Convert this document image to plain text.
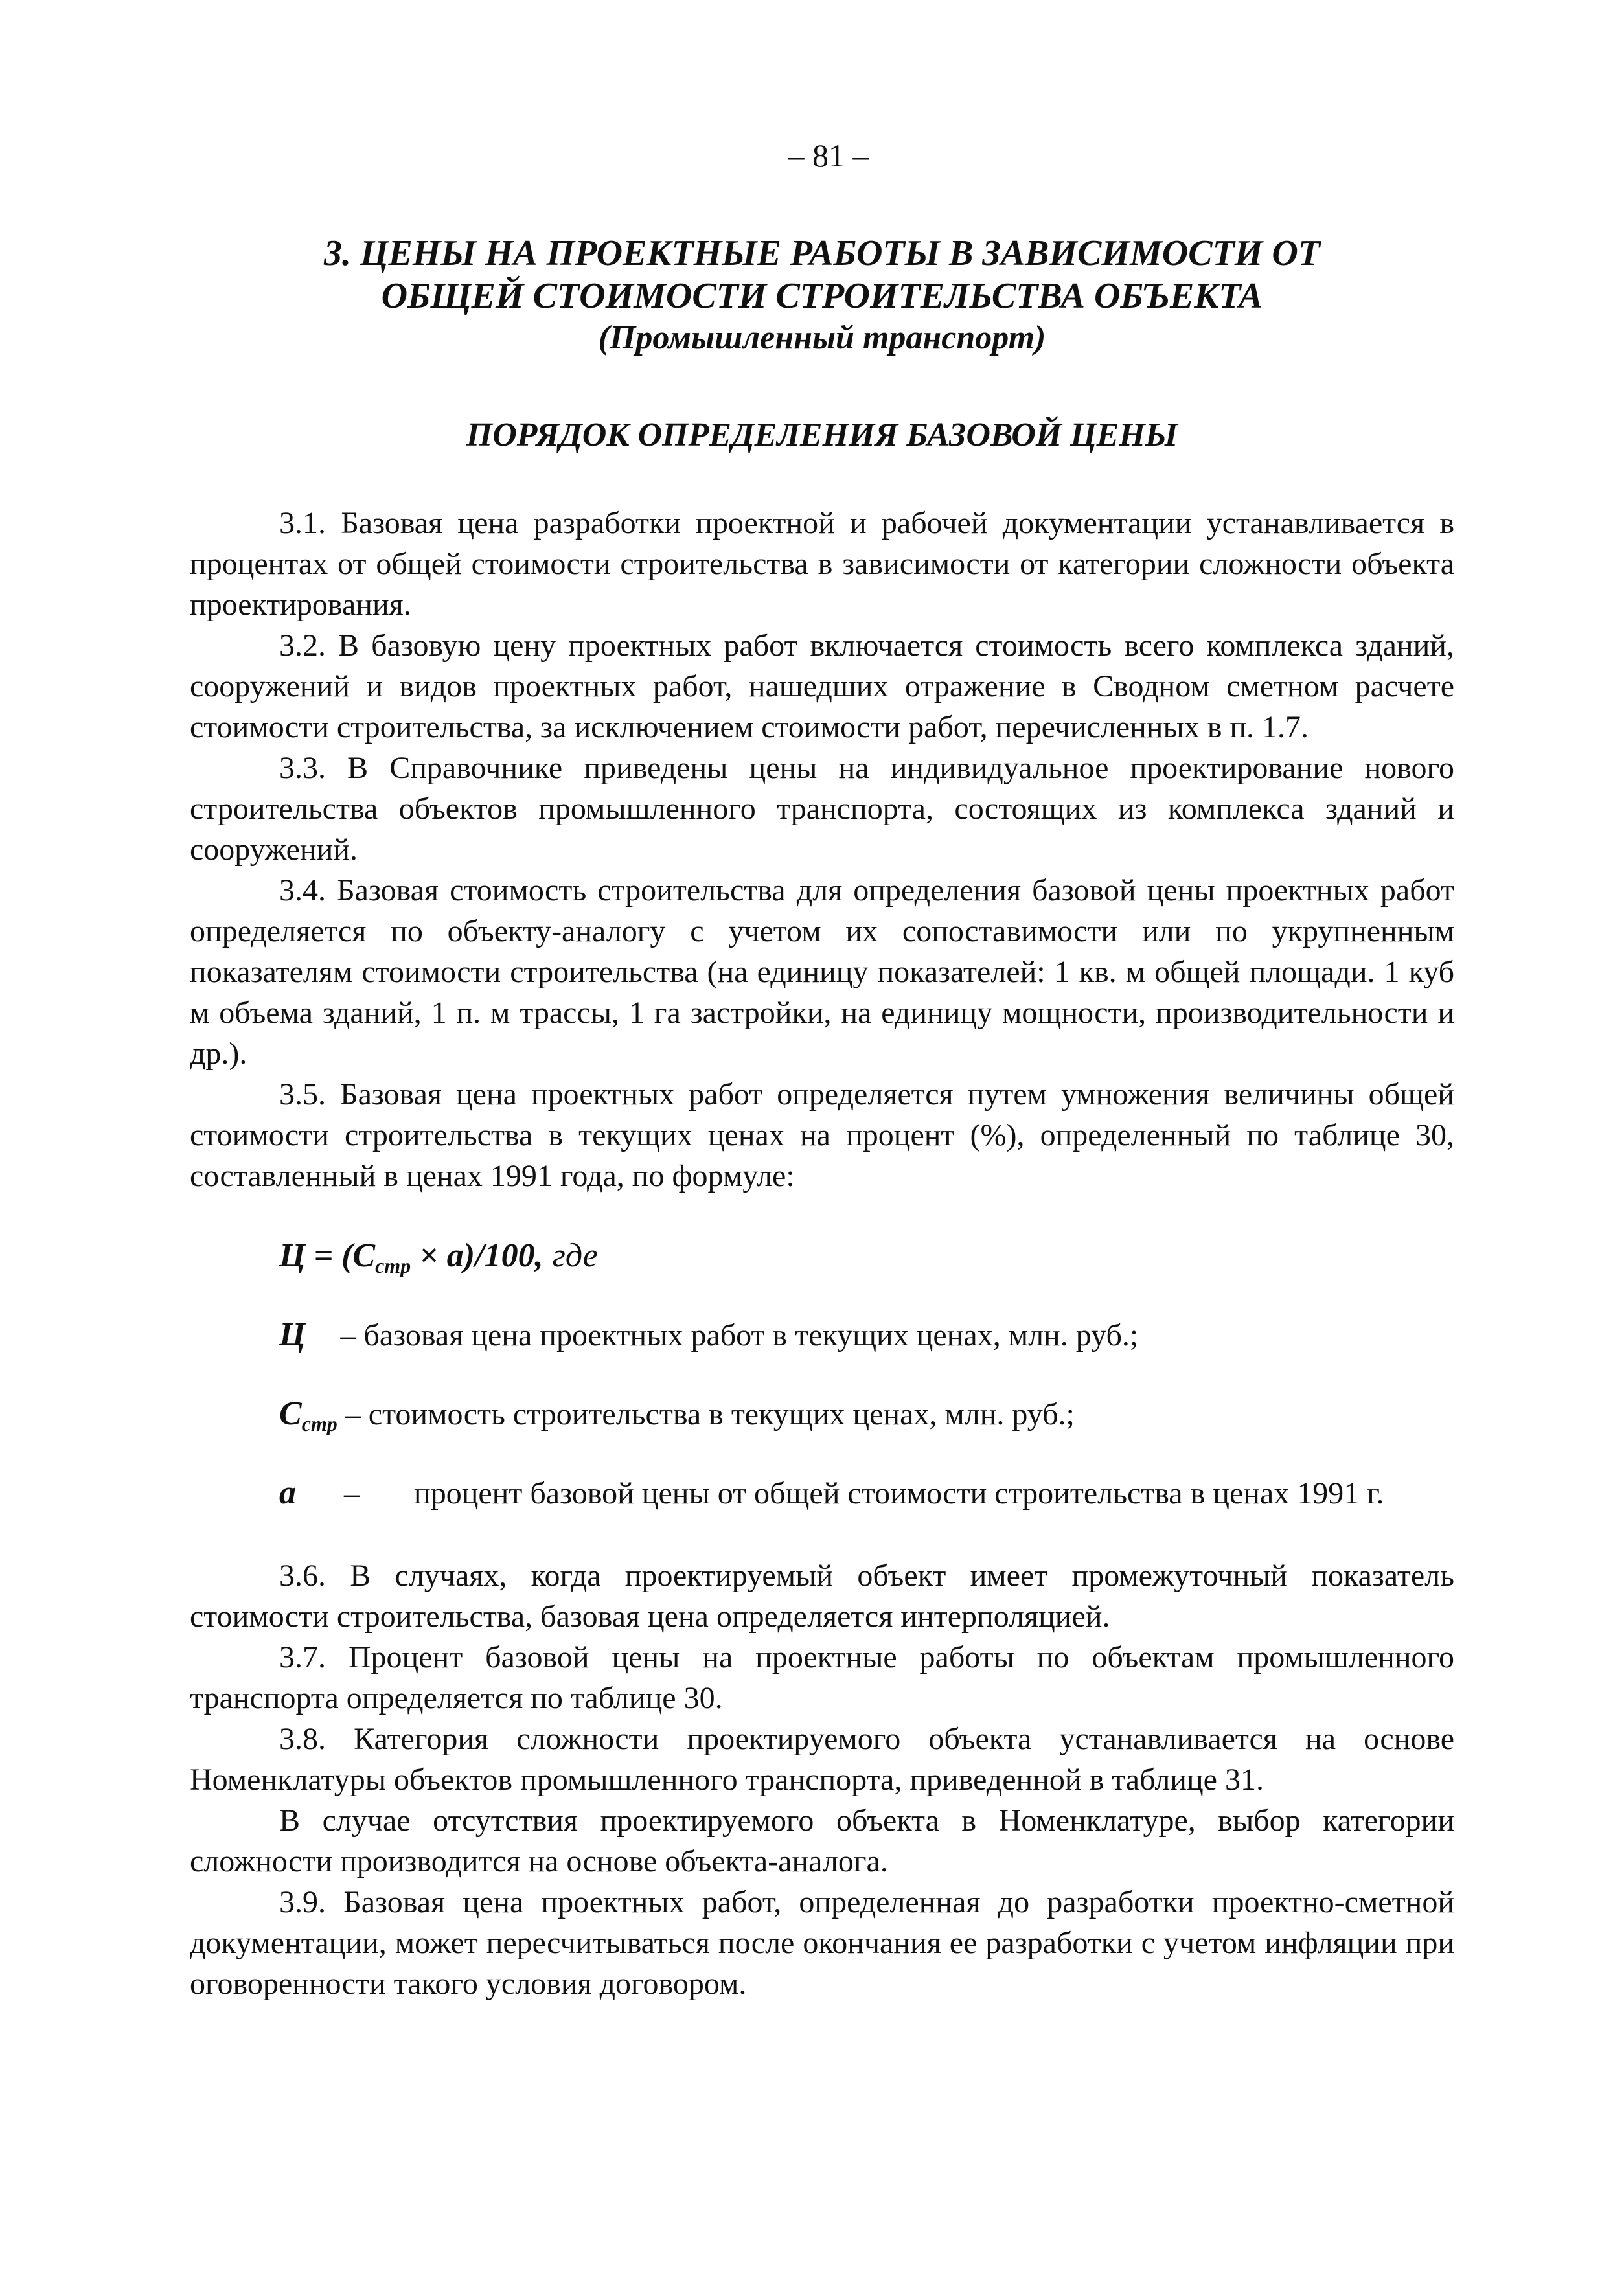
– 81 –
3. ЦЕНЫ НА ПРОЕКТНЫЕ РАБОТЫ В ЗАВИСИМОСТИ ОТ
ОБЩЕЙ СТОИМОСТИ СТРОИТЕЛЬСТВА ОБЪЕКТА
(Промышленный транспорт)
ПОРЯДОК ОПРЕДЕЛЕНИЯ БАЗОВОЙ ЦЕНЫ

3.1. Базовая цена разработки проектной и рабочей документации устанавливается в процентах от общей стоимости строительства в зависимости от категории сложности объекта проектирования.

3.2. В базовую цену проектных работ включается стоимость всего комплекса зданий, сооружений и видов проектных работ, нашедших отражение в Сводном сметном расчете стоимости строительства, за исключением стоимости работ, перечисленных в п. 1.7.

3.3. В Справочнике приведены цены на индивидуальное проектирование нового строительства объектов промышленного транспорта, состоящих из комплекса зданий и сооружений.

3.4. Базовая стоимость строительства для определения базовой цены проектных работ определяется по объекту-аналогу с учетом их сопоставимости или по укрупненным показателям стоимости строительства (на единицу показателей: 1 кв. м общей площади. 1 куб м объема зданий, 1 п. м трассы, 1 га застройки, на единицу мощности, производительности и др.).

3.5. Базовая цена проектных работ определяется путем умножения величины общей стоимости строительства в текущих ценах на процент (%), определенный по таблице 30, составленный в ценах 1991 года, по формуле:

$Ц = (С_{стр} \times а)/100$, где
Ц – базовая цена проектных работ в текущих ценах, млн. руб.;
$С_{стр}$ – стоимость строительства в текущих ценах, млн. руб.;
а – процент базовой цены от общей стоимости строительства в ценах 1991 г.

3.6. В случаях, когда проектируемый объект имеет промежуточный показатель стоимости строительства, базовая цена определяется интерполяцией.

3.7. Процент базовой цены на проектные работы по объектам промышленного транспорта определяется по таблице 30.

3.8. Категория сложности проектируемого объекта устанавливается на основе Номенклатуры объектов промышленного транспорта, приведенной в таблице 31.

В случае отсутствия проектируемого объекта в Номенклатуре, выбор категории сложности производится на основе объекта-аналога.

3.9. Базовая цена проектных работ, определенная до разработки проектно-сметной документации, может пересчитываться после окончания ее разработки с учетом инфляции при оговоренности такого условия договором.
